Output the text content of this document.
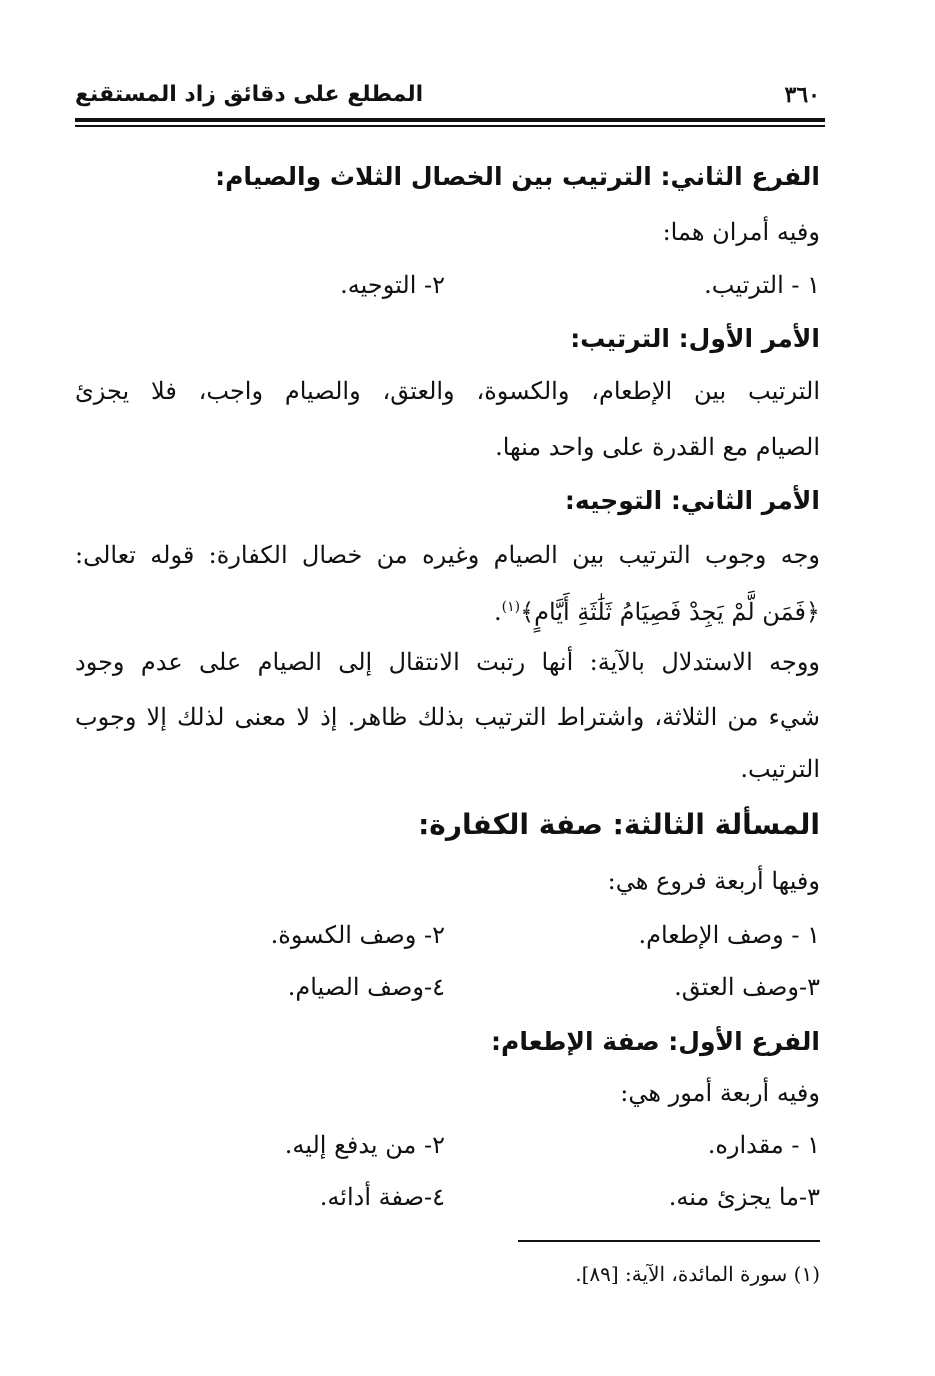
٣٦٠
المطلع على دقائق زاد المستقنع
الفرع الثاني: الترتيب بين الخصال الثلاث والصيام:
وفيه أمران هما:
١ - الترتيب.
٢- التوجيه.
الأمر الأول: الترتيب:
الترتيب بين الإطعام، والكسوة، والعتق، والصيام واجب، فلا يجزئ
الصيام مع القدرة على واحد منها.
الأمر الثاني: التوجيه:
وجه وجوب الترتيب بين الصيام وغيره من خصال الكفارة: قوله تعالى:
﴿فَمَن لَّمْ يَجِدْ فَصِيَامُ ثَلَٰثَةِ أَيَّامٍ﴾$^{(١)}$.
ووجه الاستدلال بالآية: أنها رتبت الانتقال إلى الصيام على عدم وجود
شيء من الثلاثة، واشتراط الترتيب بذلك ظاهر. إذ لا معنى لذلك إلا وجوب
الترتيب.
المسألة الثالثة: صفة الكفارة:
وفيها أربعة فروع هي:
١ - وصف الإطعام.
٢- وصف الكسوة.
٣-وصف العتق.
٤-وصف الصيام.
الفرع الأول: صفة الإطعام:
وفيه أربعة أمور هي:
١ - مقداره.
٢- من يدفع إليه.
٣-ما يجزئ منه.
٤-صفة أدائه.
(١) سورة المائدة، الآية: [٨٩].
